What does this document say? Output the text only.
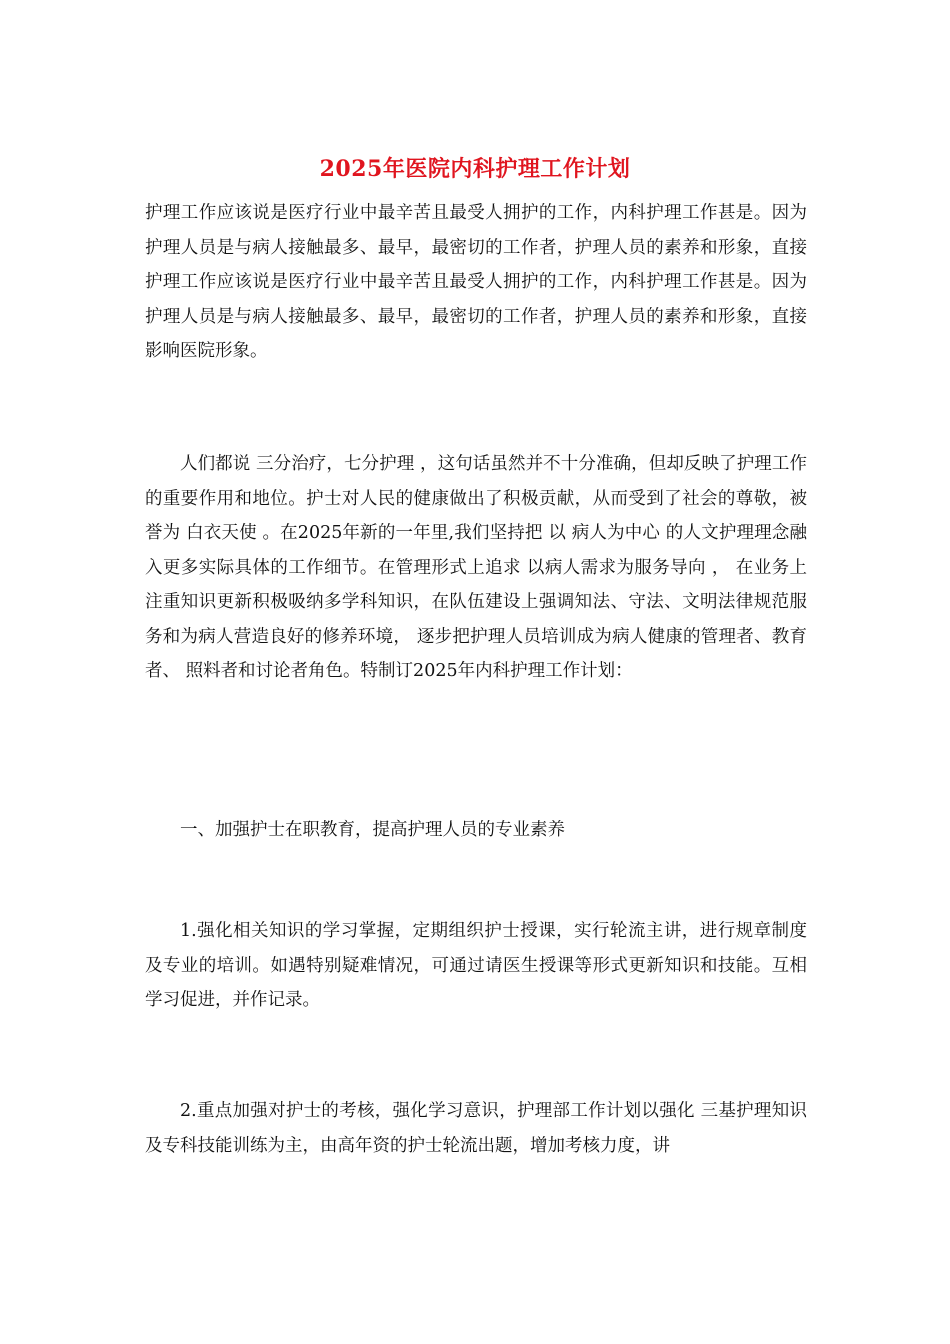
2025年医院内科护理工作计划

护理工作应该说是医疗行业中最辛苦且最受人拥护的工作，内科护理工作甚是。因为护理人员是与病人接触最多、最早，最密切的工作者，护理人员的素养和形象，直接护理工作应该说是医疗行业中最辛苦且最受人拥护的工作，内科护理工作甚是。因为护理人员是与病人接触最多、最早，最密切的工作者，护理人员的素养和形象，直接影响医院形象。

人们都说 三分治疗，七分护理 ，这句话虽然并不十分准确，但却反映了护理工作的重要作用和地位。护士对人民的健康做出了积极贡献，从而受到了社会的尊敬，被誉为 白衣天使 。在2025年新的一年里,我们坚持把 以 病人为中心 的人文护理理念融入更多实际具体的工作细节。在管理形式上追求 以病人需求为服务导向 ， 在业务上注重知识更新积极吸纳多学科知识，在队伍建设上强调知法、守法、文明法律规范服务和为病人营造良好的修养环境， 逐步把护理人员培训成为病人健康的管理者、教育者、 照料者和讨论者角色。特制订2025年内科护理工作计划：

一、加强护士在职教育，提高护理人员的专业素养

1.强化相关知识的学习掌握，定期组织护士授课，实行轮流主讲，进行规章制度及专业的培训。如遇特别疑难情况，可通过请医生授课等形式更新知识和技能。互相学习促进，并作记录。

2.重点加强对护士的考核，强化学习意识，护理部工作计划以强化 三基护理知识及专科技能训练为主，由高年资的护士轮流出题，增加考核力度，讲
